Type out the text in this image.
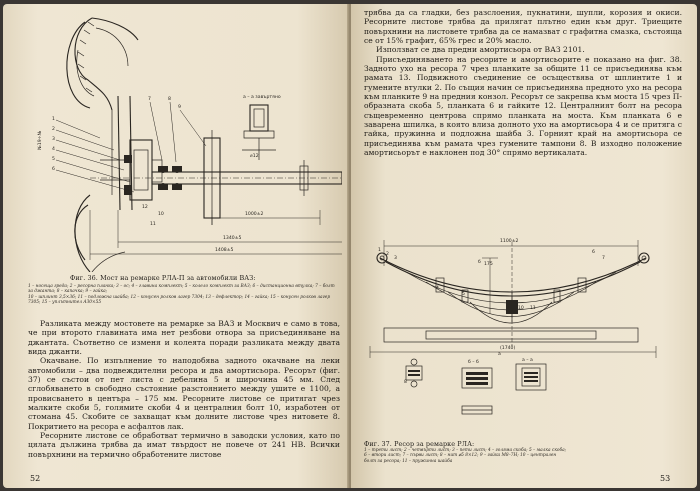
а – а завъртяно
№19÷№
1000±2
1340±5
1408±5
⌀12
1
2
3
4
5
6
7	8
9
10
11
12
Фиг. 36. Мост на ремарке РЛА-П за автомобили ВАЗ:
1 – носеща греда; 2 – ресорна планка; 3 – ос; 4 – главина комплект; 5 – колело комплект за ВАЗ; 6 – дистанционна втулка; 7 – болт за джанта; 8 – капачка; 9 – гайка;
10 – шплинт 3,5×36; 11 – подложна шайба; 12 – конусен ролков лагер 7304; 13 – дефлектор; 14 – гайка; 15 – конусен ролков лагер 7305; 15 – уплътнител АЗ0×55

Разликата между мостовете на ремарке за ВАЗ и Москвич е само в това, че при второто главината има нет резбови отвора за присъединяване на джантата. Съответно се изменя и колеята поради разликата между двата вида джанти.

Окачване. По изпълнение то наподобява задното окачване на леки автомобили – два подвеждителни ресора и два амортисьора. Ресорът (фиг. 37) се състои от пет листа с дебелина 5 и широчина 45 мм. След сглобяването в свободно състояние разстоянието между ушите е 1100, а провисването в центъра – 175 мм. Ресорните листове се притягат чрез малките скоби 5, голямите скоби 4 и централния болт 10, изработен от стомана 45. Скобите се захващат към долните листове чрез нитовете 8. Покритието на ресора е асфалтов лак.

Ресорните листове се обработват термично в заводски условия, като по цялата дължина трябва да имат твърдост не повече от 241 HB. Всички повърхнини на термично обработените листове

52

трябва да са гладки, без разслоения, пукнатини, шупли, корозия и окиси. Ресорните листове трябва да прилягат плътно един към друг. Триещите повърхнини на листовете трябва да се намазват с графитна смазка, състояща се от 15% графит, 65% грес и 20% масло.

Използват се два предни амортисьора от ВАЗ 2101.

Присъединяването на ресорите и амортисьорите е показано на фиг. 38. Задното ухо на ресора 7 чрез планките за общите 11 се присъединява към рамата 13. Подвижното съединение се осъществява от шплинтите 1 и гумените втулки 2. По същия начин се присъединява предното ухо на ресора към планките 9 на предния конзол. Ресорът се закрепва към моста 15 чрез П-образната скоба 5, планката 6 и гайките 12. Централният болт на ресора същевременно центрова спрямо планката на моста. Към планката 6 е заварена шпилка, в която влиза долното ухо на амортисьора 4 и се притяга с гайка, пружинна и подложна шайба 3. Горният край на амортисьора се присъединява към рамата чрез гумените тампони 8. В изходно положение амортисьорът е наклонен под 30° спрямо вертикалата.

1100±2
175
(1740)
a
б
б – б	а – а
1
2
3
4
5
6
7
8
9 10 11
Фиг. 37. Ресор за ремарке РЛА:
1 – трети лист; 2 – четвърти лист; 3 – пети лист; 4 – голяма скоба; 5 – малка скоба;
6 – втори лист; 7 – първи лист; 8 – нит ⌀5 8×12; 9 – гайка М8–7Н; 10 – централен
болт за ресора; 11 – пружинна шайба
53
